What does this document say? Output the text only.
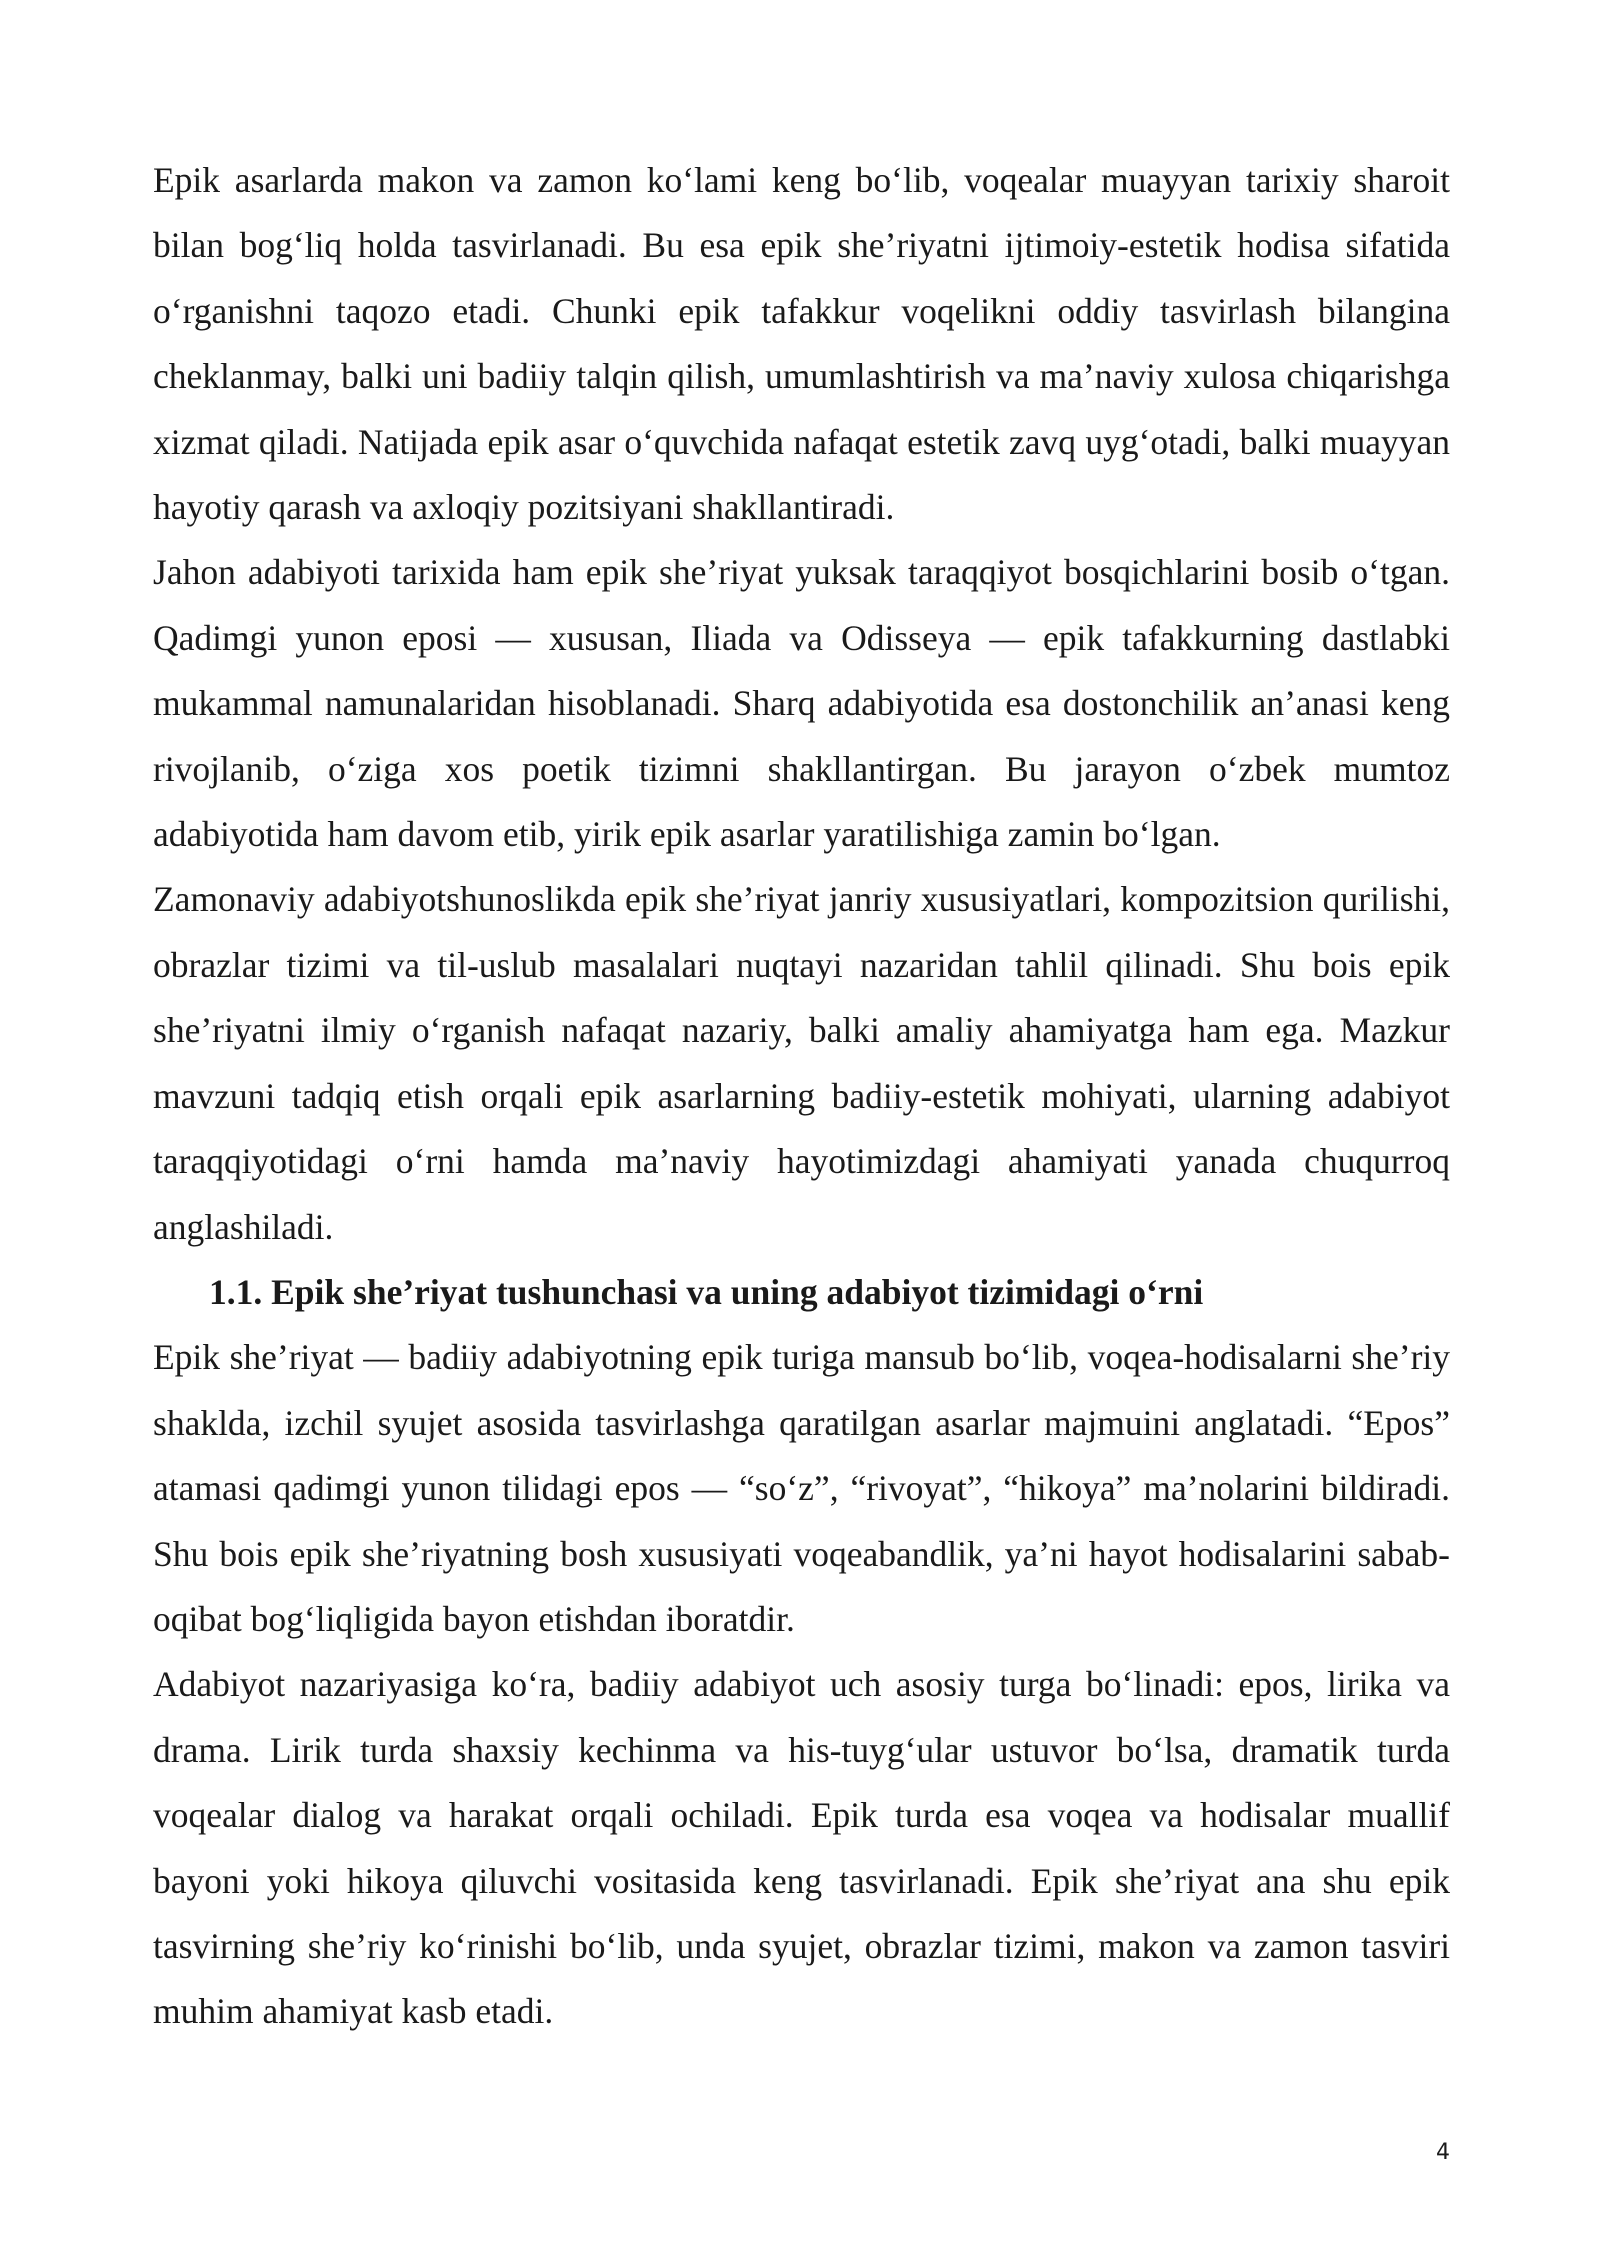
Epik asarlarda makon va zamon ko‘lami keng bo‘lib, voqealar muayyan tarixiy sharoit bilan bog‘liq holda tasvirlanadi. Bu esa epik she’riyatni ijtimoiy-estetik hodisa sifatida o‘rganishni taqozo etadi. Chunki epik tafakkur voqelikni oddiy tasvirlash bilangina cheklanmay, balki uni badiiy talqin qilish, umumlashtirish va ma’naviy xulosa chiqarishga xizmat qiladi. Natijada epik asar o‘quvchida nafaqat estetik zavq uyg‘otadi, balki muayyan hayotiy qarash va axloqiy pozitsiyani shakllantiradi.

Jahon adabiyoti tarixida ham epik she’riyat yuksak taraqqiyot bosqichlarini bosib o‘tgan. Qadimgi yunon eposi — xususan, Iliada va Odisseya — epik tafakkurning dastlabki mukammal namunalaridan hisoblanadi. Sharq adabiyotida esa dostonchilik an’anasi keng rivojlanib, o‘ziga xos poetik tizimni shakllantirgan. Bu jarayon o‘zbek mumtoz adabiyotida ham davom etib, yirik epik asarlar yaratilishiga zamin bo‘lgan.

Zamonaviy adabiyotshunoslikda epik she’riyat janriy xususiyatlari, kompozitsion qurilishi, obrazlar tizimi va til-uslub masalalari nuqtayi nazaridan tahlil qilinadi. Shu bois epik she’riyatni ilmiy o‘rganish nafaqat nazariy, balki amaliy ahamiyatga ham ega. Mazkur mavzuni tadqiq etish orqali epik asarlarning badiiy-estetik mohiyati, ularning adabiyot taraqqiyotidagi o‘rni hamda ma’naviy hayotimizdagi ahamiyati yanada chuqurroq anglashiladi.

1.1. Epik she’riyat tushunchasi va uning adabiyot tizimidagi o‘rni

Epik she’riyat — badiiy adabiyotning epik turiga mansub bo‘lib, voqea-hodisalarni she’riy shaklda, izchil syujet asosida tasvirlashga qaratilgan asarlar majmuini anglatadi. “Epos” atamasi qadimgi yunon tilidagi epos — “so‘z”, “rivoyat”, “hikoya” ma’nolarini bildiradi. Shu bois epik she’riyatning bosh xususiyati voqeabandlik, ya’ni hayot hodisalarini sabab-oqibat bog‘liqligida bayon etishdan iboratdir.

Adabiyot nazariyasiga ko‘ra, badiiy adabiyot uch asosiy turga bo‘linadi: epos, lirika va drama. Lirik turda shaxsiy kechinma va his-tuyg‘ular ustuvor bo‘lsa, dramatik turda voqealar dialog va harakat orqali ochiladi. Epik turda esa voqea va hodisalar muallif bayoni yoki hikoya qiluvchi vositasida keng tasvirlanadi. Epik she’riyat ana shu epik tasvirning she’riy ko‘rinishi bo‘lib, unda syujet, obrazlar tizimi, makon va zamon tasviri muhim ahamiyat kasb etadi.

4
